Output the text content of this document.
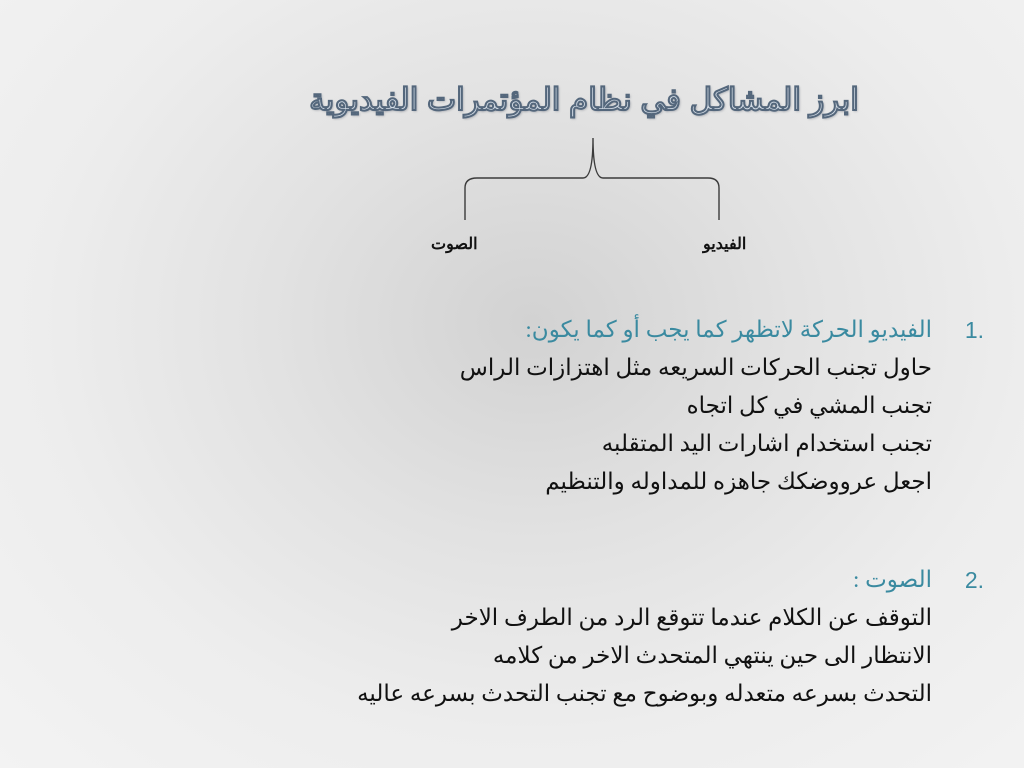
ابرز المشاكل في نظام المؤتمرات الفيديوية
الصوت	الفيديو
1.
الفيديو الحركة لاتظهر كما يجب أو كما يكون:
حاول تجنب الحركات السريعه مثل اهتزازات الراس
تجنب المشي في كل اتجاه
تجنب استخدام اشارات اليد المتقلبه
اجعل عرووضكك جاهزه للمداوله والتنظيم
2.
الصوت :
التوقف عن الكلام عندما تتوقع الرد من الطرف الاخر
الانتظار الى حين ينتهي المتحدث الاخر من كلامه
التحدث بسرعه متعدله وبوضوح مع تجنب التحدث بسرعه عاليه
